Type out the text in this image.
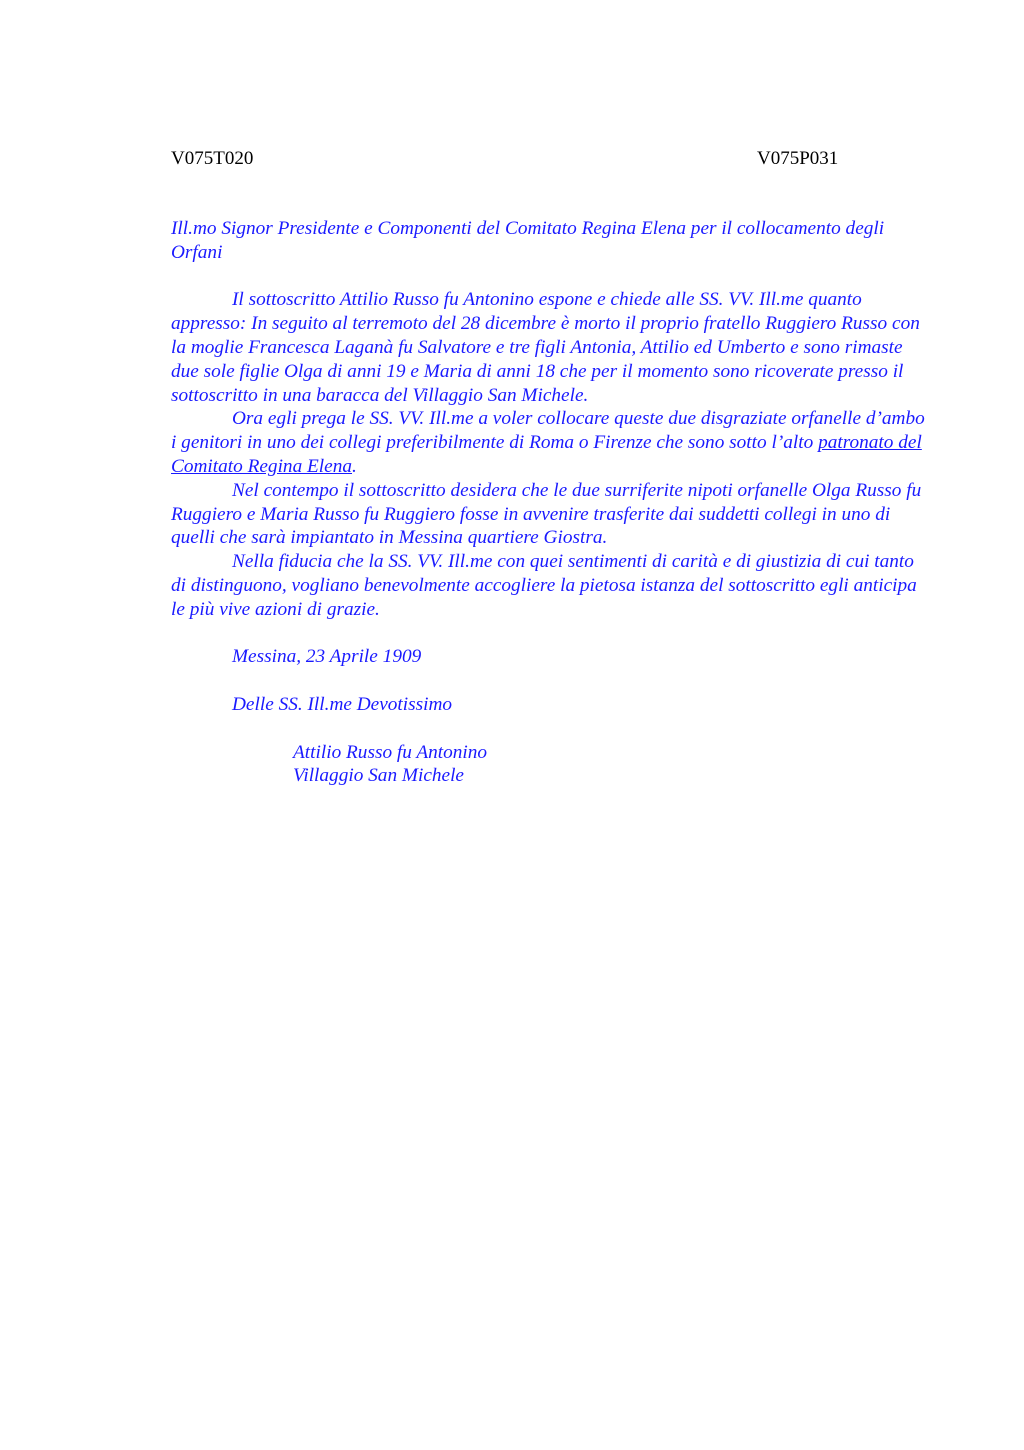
V075T020	V075P031

Ill.mo Signor Presidente e Componenti del Comitato Regina Elena per il collocamento degli Orfani

Il sottoscritto Attilio Russo fu Antonino espone e chiede alle SS. VV. Ill.me quanto appresso: In seguito al terremoto del 28 dicembre è morto il proprio fratello Ruggiero Russo con la moglie Francesca Laganà fu Salvatore e tre figli Antonia, Attilio ed Umberto e sono rimaste due sole figlie Olga di anni 19 e Maria di anni 18 che per il momento sono ricoverate presso il sottoscritto in una baracca del Villaggio San Michele.

Ora egli prega le SS. VV. Ill.me a voler collocare queste due disgraziate orfanelle d’ambo i genitori in uno dei collegi preferibilmente di Roma o Firenze che sono sotto l’alto patronato del Comitato Regina Elena.

Nel contempo il sottoscritto desidera che le due surriferite nipoti orfanelle Olga Russo fu Ruggiero e Maria Russo fu Ruggiero fosse in avvenire trasferite dai suddetti collegi in uno di quelli che sarà impiantato in Messina quartiere Giostra.

Nella fiducia che la SS. VV. Ill.me con quei sentimenti di carità e di giustizia di cui tanto di distinguono, vogliano benevolmente accogliere la pietosa istanza del sottoscritto egli anticipa le più vive azioni di grazie.

Messina, 23 Aprile 1909

Delle SS. Ill.me Devotissimo

Attilio Russo fu Antonino

Villaggio San Michele
